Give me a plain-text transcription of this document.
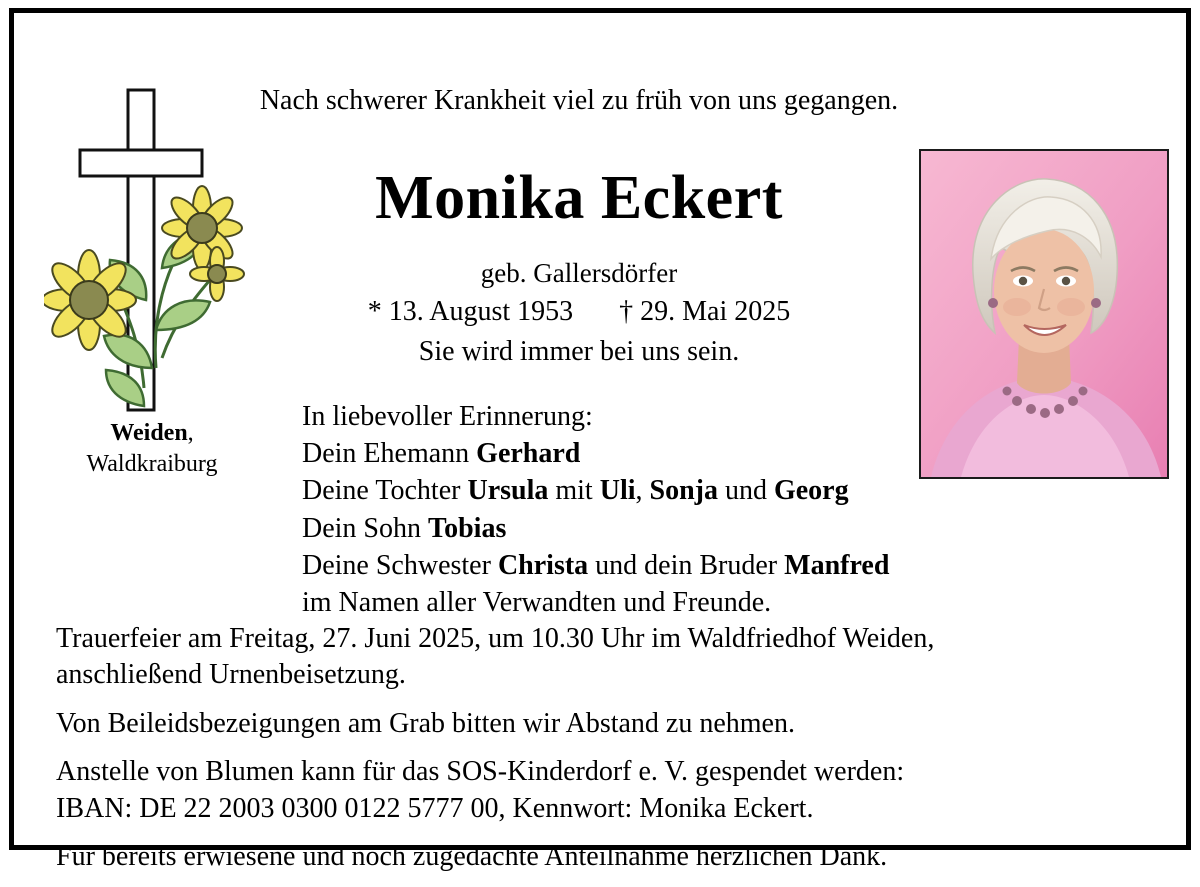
Weiden,
Waldkraiburg
Nach schwerer Krankheit viel zu früh von uns gegangen.
Monika Eckert
geb. Gallersdörfer
* 13. August 1953 † 29. Mai 2025
Sie wird immer bei uns sein.
In liebevoller Erinnerung:
Dein Ehemann Gerhard
Deine Tochter Ursula mit Uli, Sonja und Georg
Dein Sohn Tobias
Deine Schwester Christa und dein Bruder Manfred
im Namen aller Verwandten und Freunde.

Trauerfeier am Freitag, 27. Juni 2025, um 10.30 Uhr im Waldfriedhof Weiden,
anschließend Urnenbeisetzung.

Von Beileidsbezeigungen am Grab bitten wir Abstand zu nehmen.

Anstelle von Blumen kann für das SOS-Kinderdorf e. V. gespendet werden:
IBAN: DE 22 2003 0300 0122 5777 00, Kennwort: Monika Eckert.

Für bereits erwiesene und noch zugedachte Anteilnahme herzlichen Dank.
